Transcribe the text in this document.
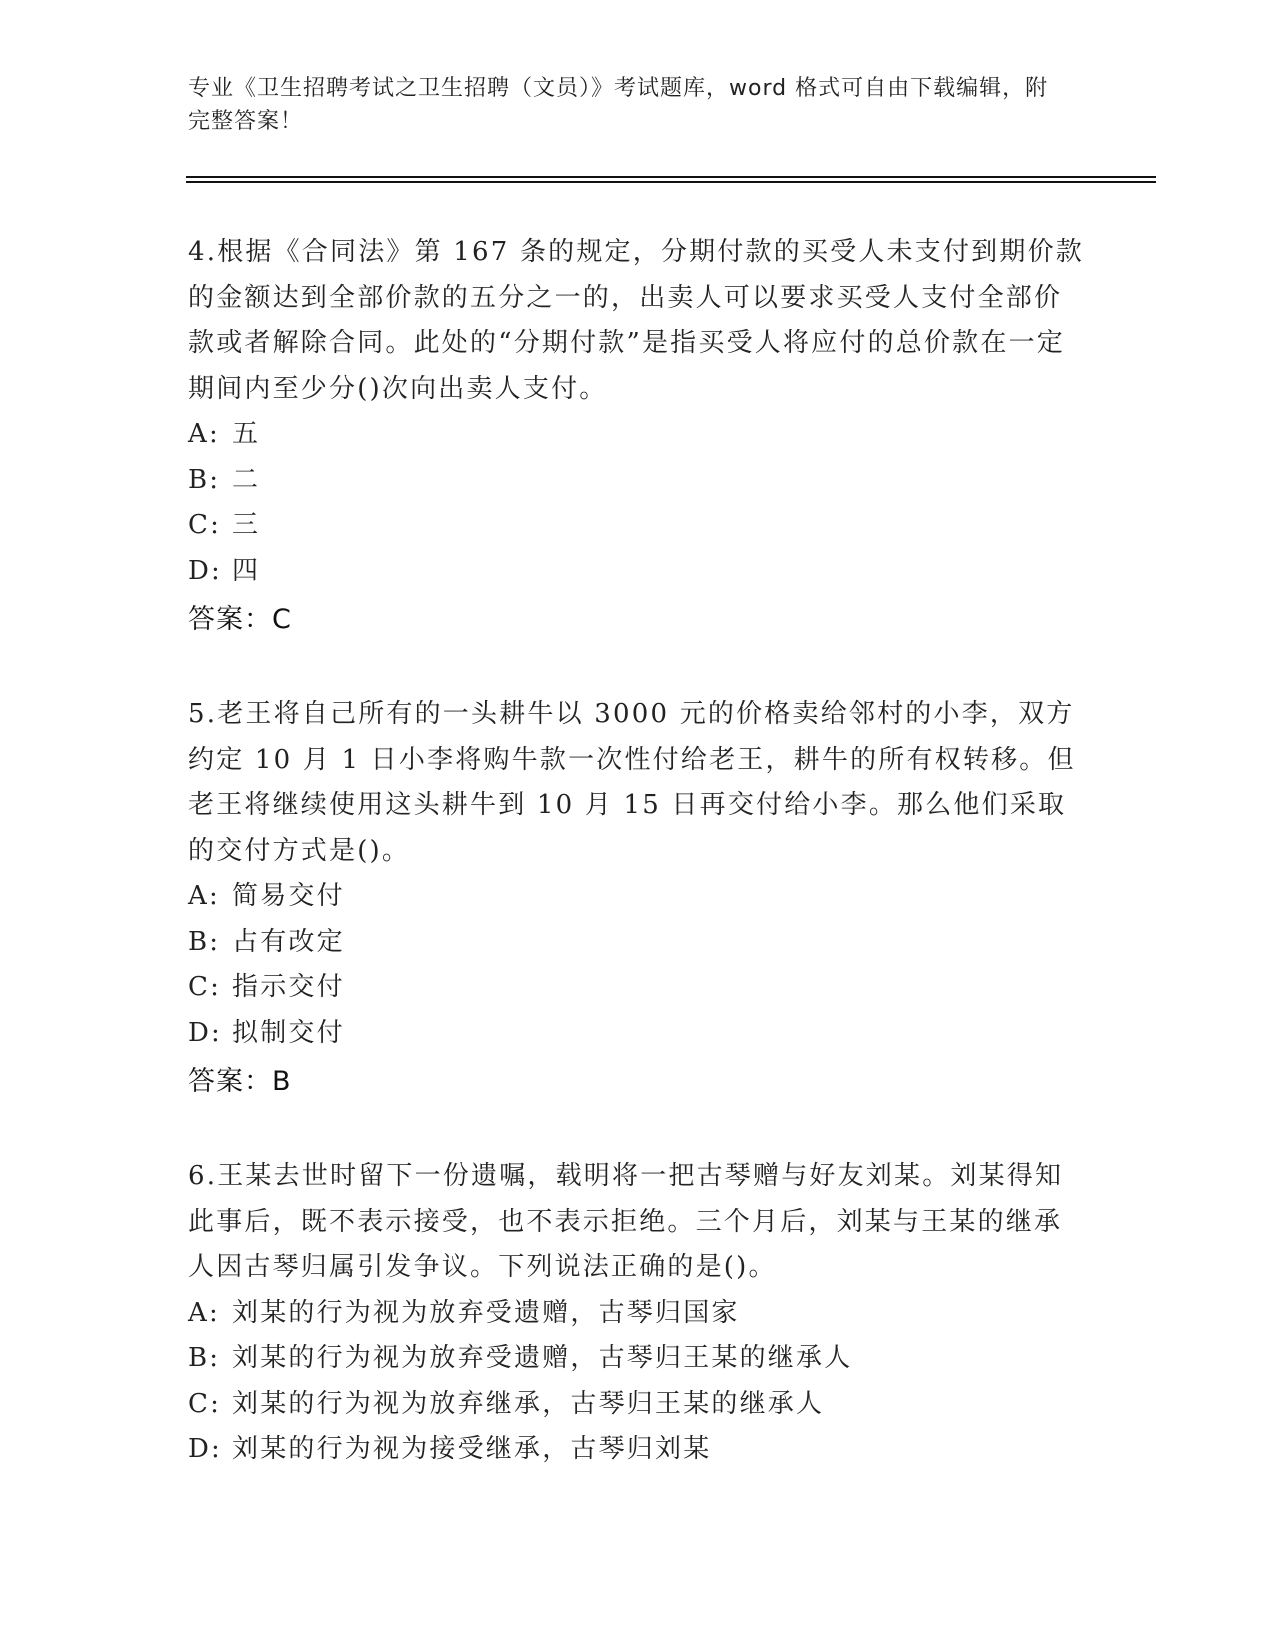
专业《卫生招聘考试之卫生招聘（文员）》考试题库，word 格式可自由下载编辑，附完整答案！

4.根据《合同法》第 167 条的规定，分期付款的买受人未支付到期价款的金额达到全部价款的五分之一的，出卖人可以要求买受人支付全部价款或者解除合同。此处的“分期付款”是指买受人将应付的总价款在一定期间内至少分()次向出卖人支付。

A: 五
B: 二
C: 三
D: 四
答案：C

5.老王将自己所有的一头耕牛以 3000 元的价格卖给邻村的小李，双方约定 10 月 1 日小李将购牛款一次性付给老王，耕牛的所有权转移。但老王将继续使用这头耕牛到 10 月 15 日再交付给小李。那么他们采取的交付方式是()。

A: 简易交付
B: 占有改定
C: 指示交付
D: 拟制交付
答案：B

6.王某去世时留下一份遗嘱，载明将一把古琴赠与好友刘某。刘某得知此事后，既不表示接受，也不表示拒绝。三个月后，刘某与王某的继承人因古琴归属引发争议。下列说法正确的是()。

A: 刘某的行为视为放弃受遗赠，古琴归国家
B: 刘某的行为视为放弃受遗赠，古琴归王某的继承人
C: 刘某的行为视为放弃继承，古琴归王某的继承人
D: 刘某的行为视为接受继承，古琴归刘某
